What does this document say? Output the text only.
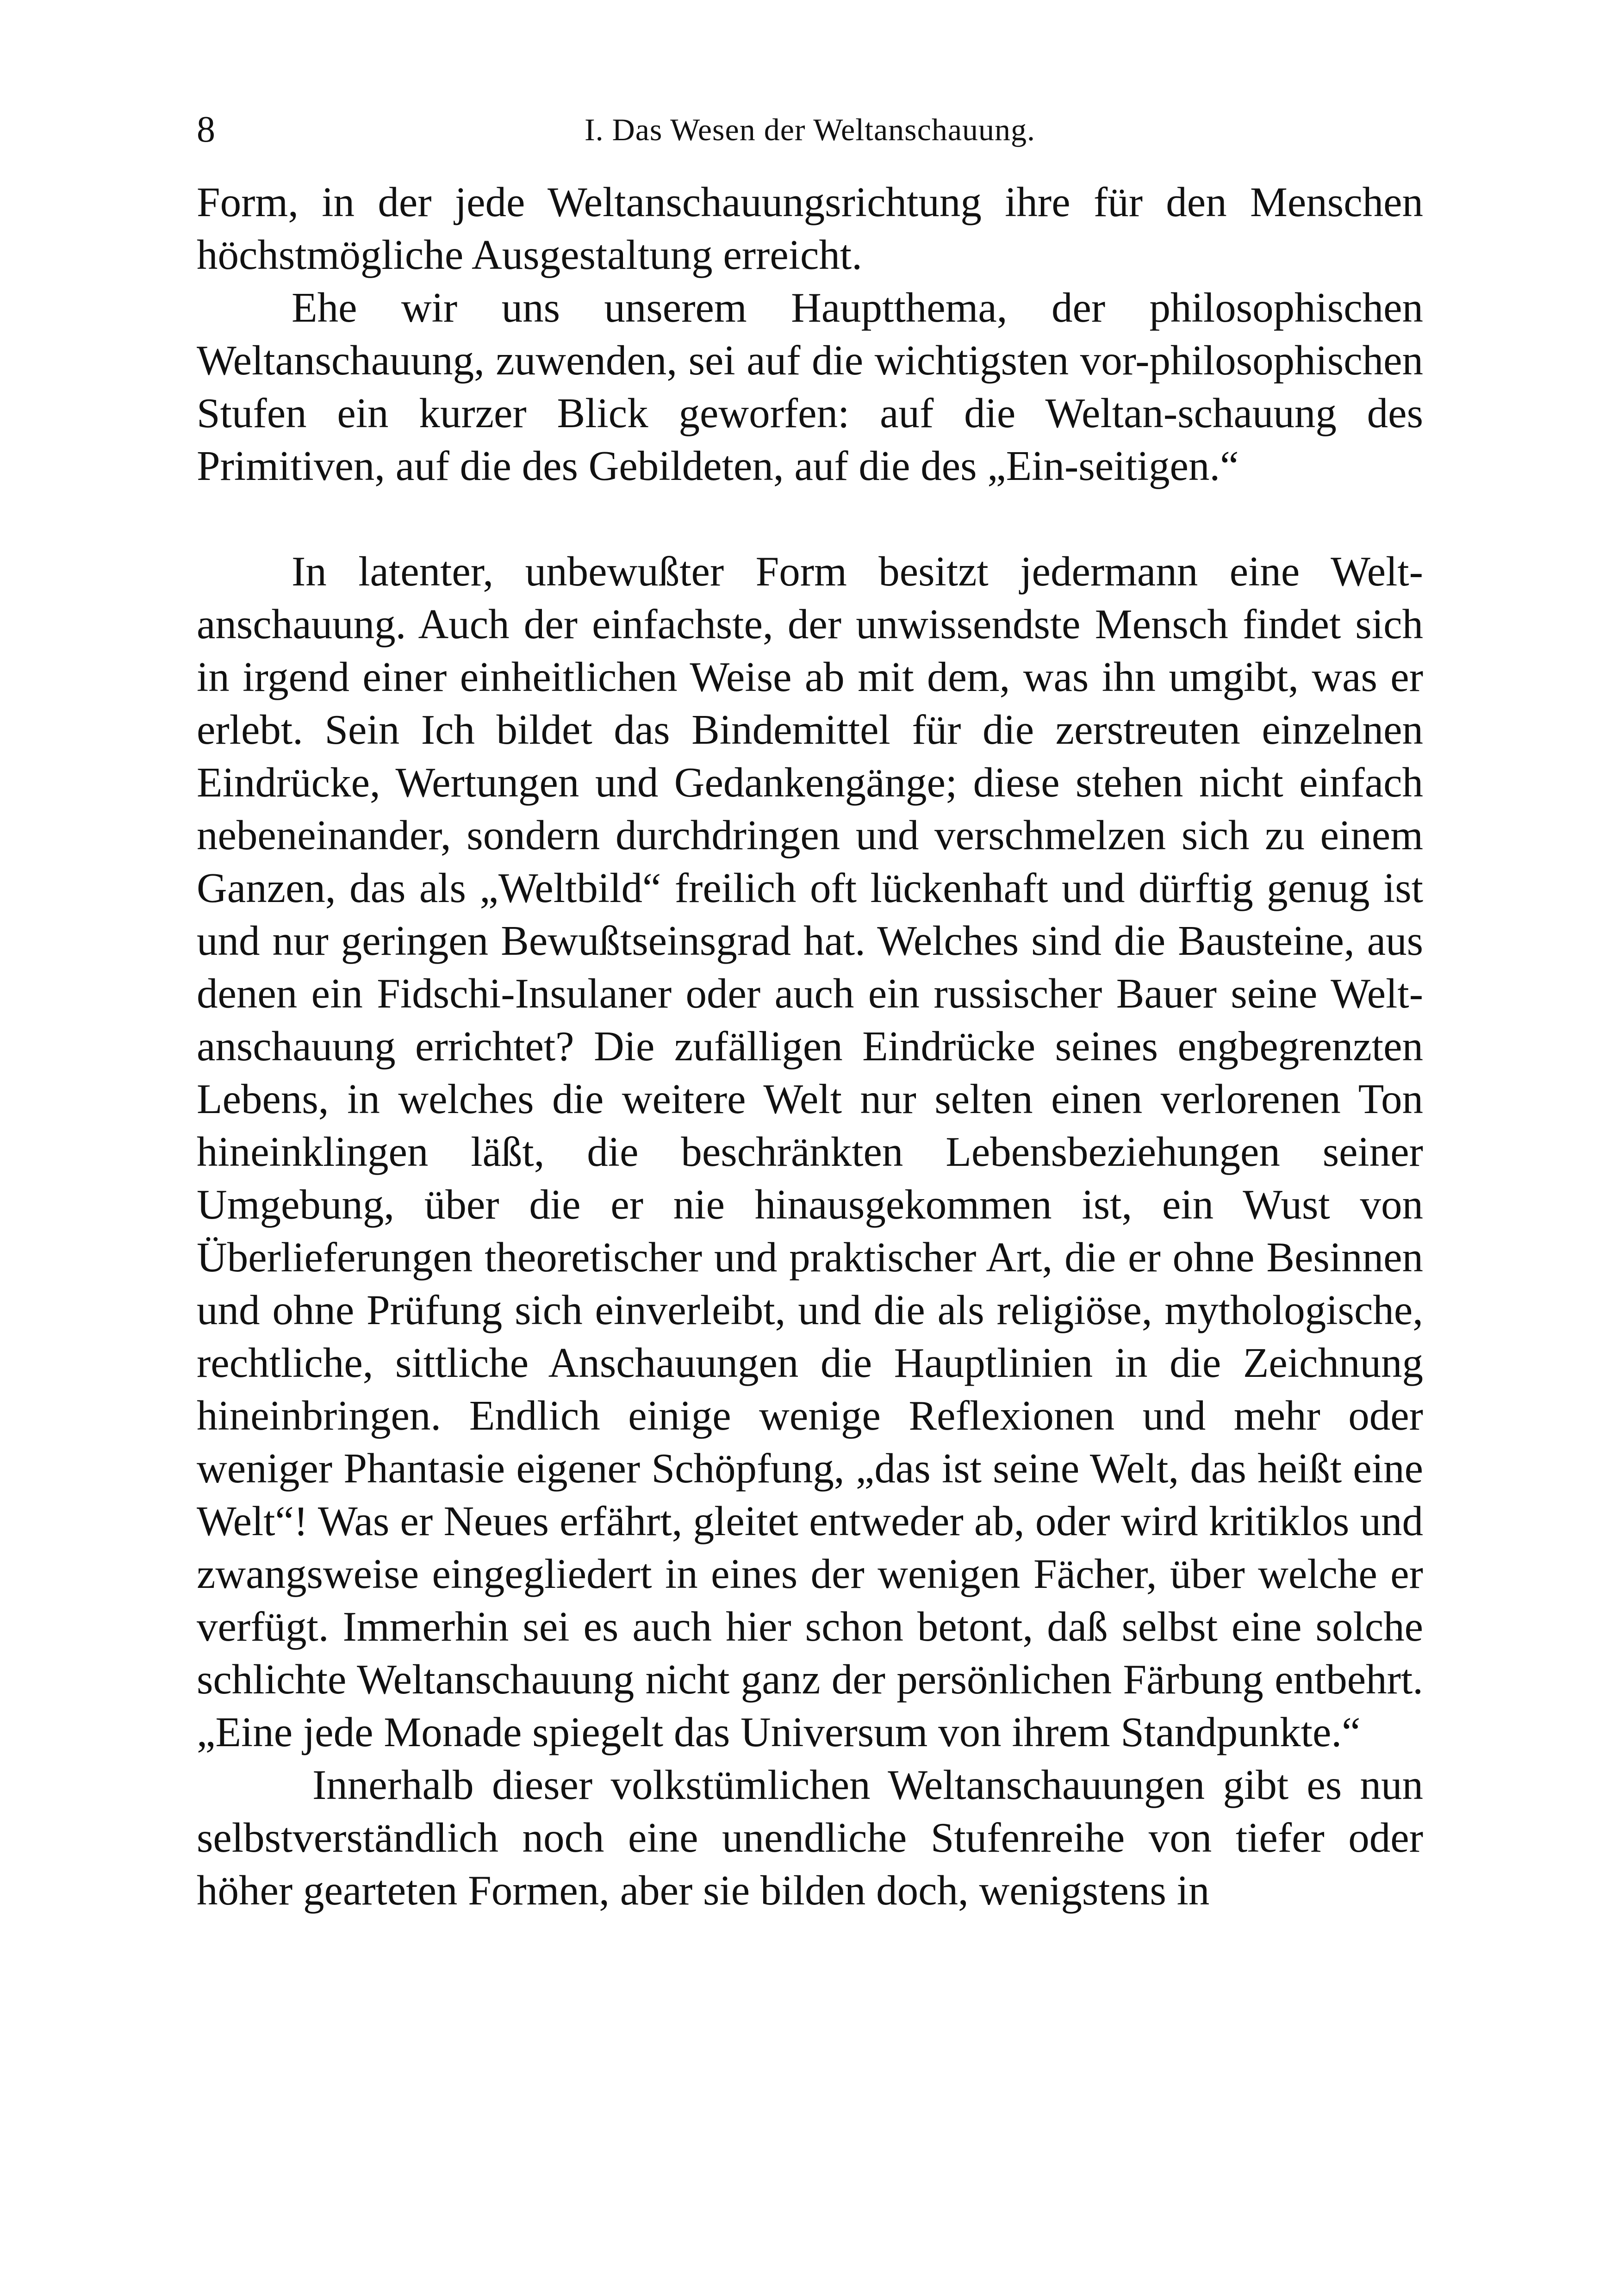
8	I. Das Wesen der Weltanschauung.

Form, in der jede Weltanschauungsrichtung ihre für den Menschen höchstmögliche Ausgestaltung erreicht.

Ehe wir uns unserem Hauptthema, der philosophischen Weltanschauung, zuwenden, sei auf die wichtigsten vor-philosophischen Stufen ein kurzer Blick geworfen: auf die Weltan-schauung des Primitiven, auf die des Gebildeten, auf die des „Ein-seitigen.“

In latenter, unbewußter Form besitzt jedermann eine Welt-anschauung. Auch der einfachste, der unwissendste Mensch findet sich in irgend einer einheitlichen Weise ab mit dem, was ihn umgibt, was er erlebt. Sein Ich bildet das Bindemittel für die zerstreuten einzelnen Eindrücke, Wertungen und Gedankengänge; diese stehen nicht einfach nebeneinander, sondern durchdringen und verschmelzen sich zu einem Ganzen, das als „Weltbild“ freilich oft lückenhaft und dürftig genug ist und nur geringen Bewußtseinsgrad hat. Welches sind die Bausteine, aus denen ein Fidschi-Insulaner oder auch ein russischer Bauer seine Welt-anschauung errichtet? Die zufälligen Eindrücke seines engbegrenzten Lebens, in welches die weitere Welt nur selten einen verlorenen Ton hineinklingen läßt, die beschränkten Lebensbeziehungen seiner Umgebung, über die er nie hinausgekommen ist, ein Wust von Überlieferungen theoretischer und praktischer Art, die er ohne Besinnen und ohne Prüfung sich einverleibt, und die als religiöse, mythologische, rechtliche, sittliche Anschauungen die Hauptlinien in die Zeichnung hineinbringen. Endlich einige wenige Reflexionen und mehr oder weniger Phantasie eigener Schöpfung, „das ist seine Welt, das heißt eine Welt“! Was er Neues erfährt, gleitet entweder ab, oder wird kritiklos und zwangsweise eingegliedert in eines der wenigen Fächer, über welche er verfügt. Immerhin sei es auch hier schon betont, daß selbst eine solche schlichte Weltanschauung nicht ganz der persönlichen Färbung entbehrt. „Eine jede Monade spiegelt das Universum von ihrem Standpunkte.“

Innerhalb dieser volkstümlichen Weltanschauungen gibt es nun selbstverständlich noch eine unendliche Stufenreihe von tiefer oder höher gearteten Formen, aber sie bilden doch, wenigstens in
